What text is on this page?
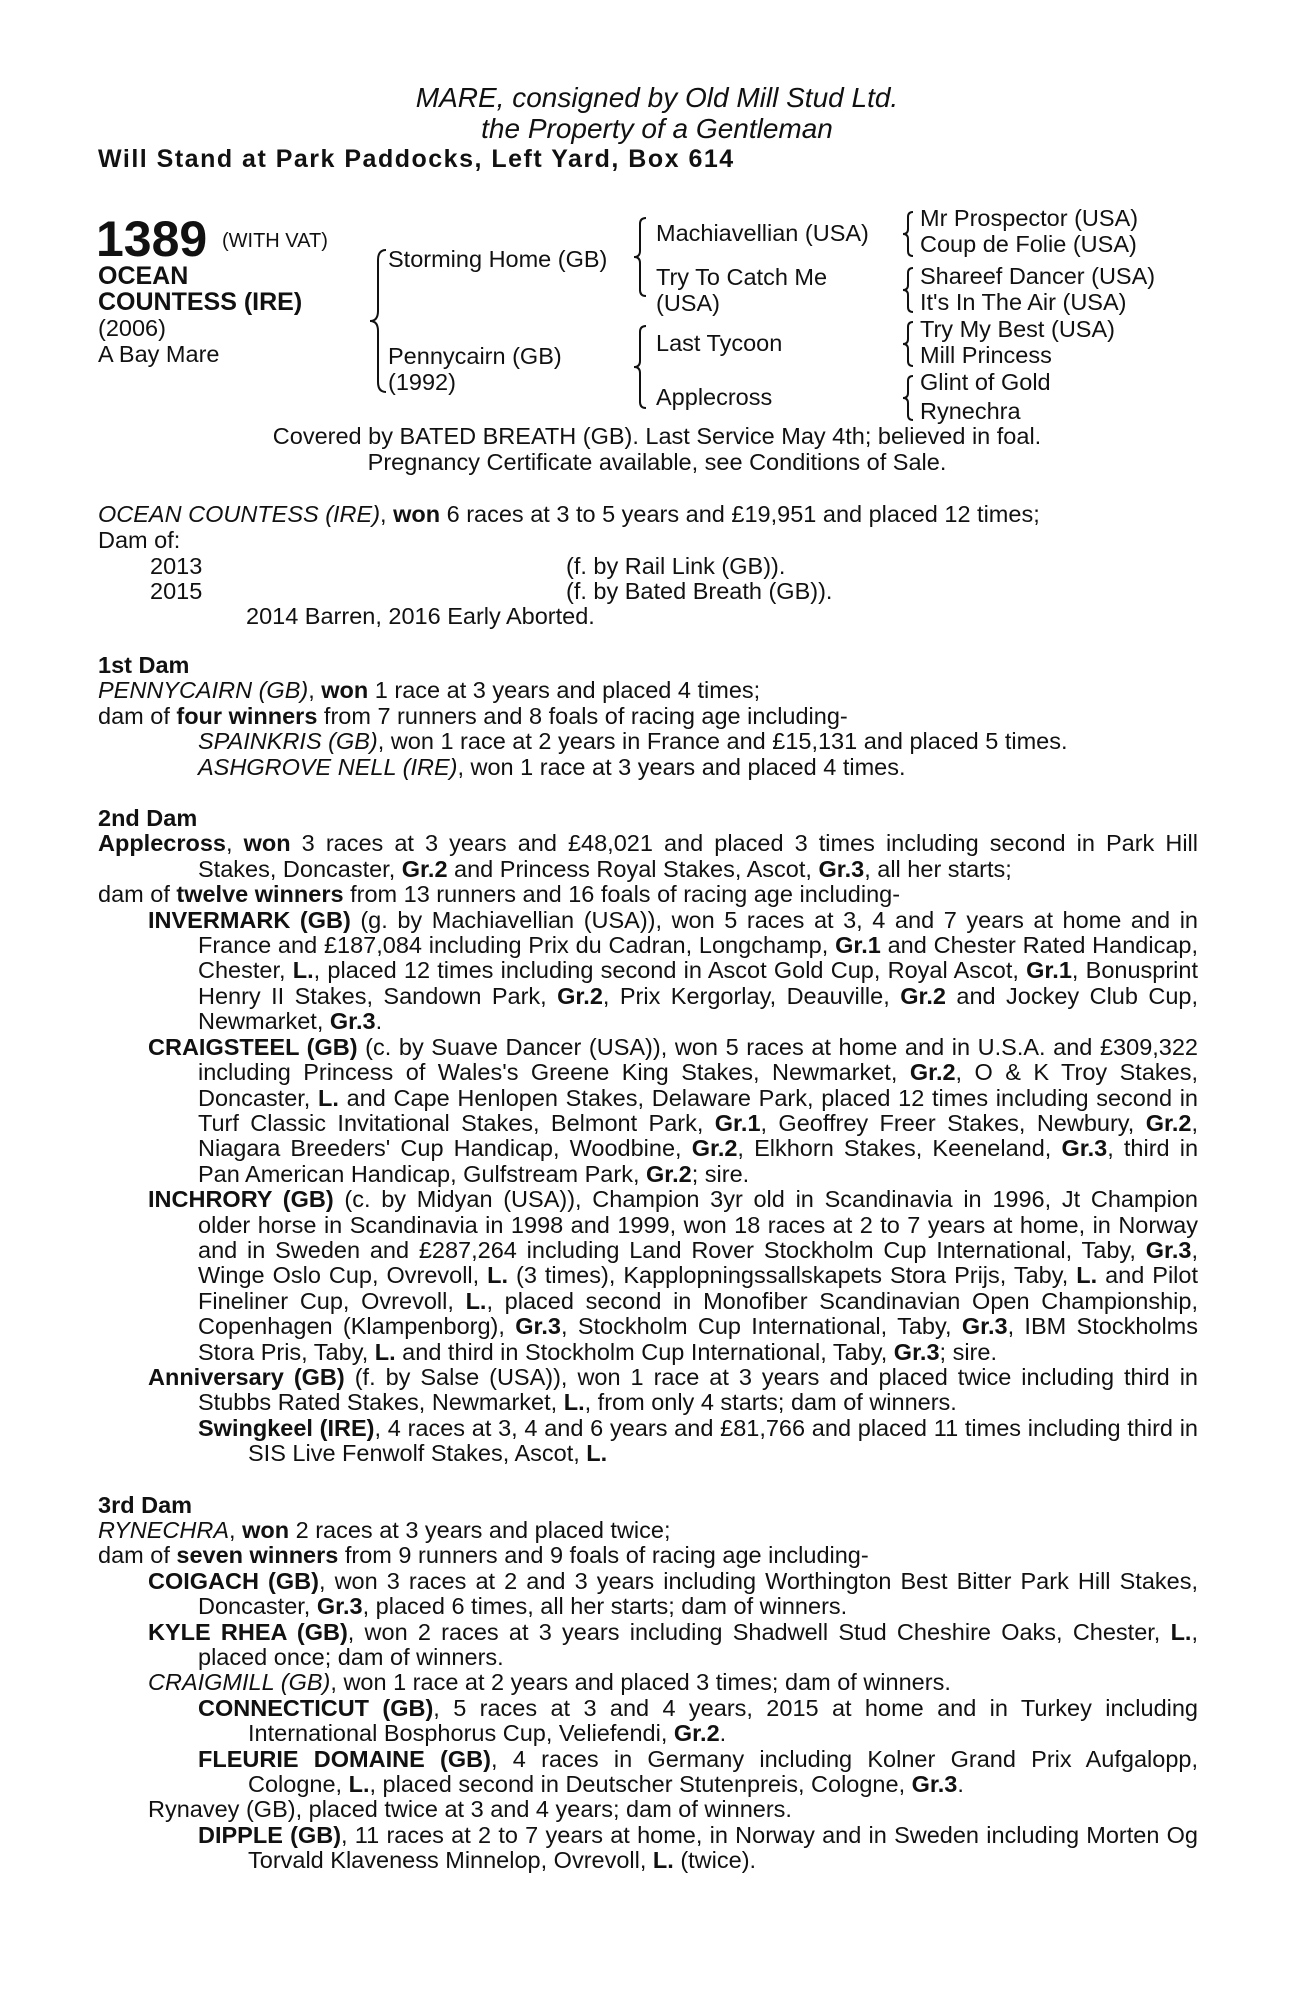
MARE, consigned by Old Mill Stud Ltd.
the Property of a Gentleman
Will Stand at Park Paddocks, Left Yard, Box 614
1389 (WITH VAT)
OCEAN
COUNTESS (IRE)
(2006)
A Bay Mare
Storming Home (GB)
Pennycairn (GB)
(1992)
Machiavellian (USA)
Try To Catch Me
(USA)
Last Tycoon
Applecross
Mr Prospector (USA)
Coup de Folie (USA)
Shareef Dancer (USA)
It's In The Air (USA)
Try My Best (USA)
Mill Princess
Glint of Gold
Rynechra
Covered by BATED BREATH (GB). Last Service May 4th; believed in foal.
Pregnancy Certificate available, see Conditions of Sale.
OCEAN COUNTESS (IRE), won 6 races at 3 to 5 years and £19,951 and placed 12 times;
Dam of:
2013	(f. by Rail Link (GB)).
2015	(f. by Bated Breath (GB)).
2014 Barren, 2016 Early Aborted.

1st Dam

PENNYCAIRN (GB), won 1 race at 3 years and placed 4 times;

dam of four winners from 7 runners and 8 foals of racing age including-

SPAINKRIS (GB), won 1 race at 2 years in France and £15,131 and placed 5 times.

ASHGROVE NELL (IRE), won 1 race at 3 years and placed 4 times.

2nd Dam

Applecross, won 3 races at 3 years and £48,021 and placed 3 times including second in Park Hill Stakes, Doncaster, Gr.2 and Princess Royal Stakes, Ascot, Gr.3, all her starts;

dam of twelve winners from 13 runners and 16 foals of racing age including-

INVERMARK (GB) (g. by Machiavellian (USA)), won 5 races at 3, 4 and 7 years at home and in France and £187,084 including Prix du Cadran, Longchamp, Gr.1 and Chester Rated Handicap, Chester, L., placed 12 times including second in Ascot Gold Cup, Royal Ascot, Gr.1, Bonusprint Henry II Stakes, Sandown Park, Gr.2, Prix Kergorlay, Deauville, Gr.2 and Jockey Club Cup, Newmarket, Gr.3.

CRAIGSTEEL (GB) (c. by Suave Dancer (USA)), won 5 races at home and in U.S.A. and £309,322 including Princess of Wales's Greene King Stakes, Newmarket, Gr.2, O & K Troy Stakes, Doncaster, L. and Cape Henlopen Stakes, Delaware Park, placed 12 times including second in Turf Classic Invitational Stakes, Belmont Park, Gr.1, Geoffrey Freer Stakes, Newbury, Gr.2, Niagara Breeders' Cup Handicap, Woodbine, Gr.2, Elkhorn Stakes, Keeneland, Gr.3, third in Pan American Handicap, Gulfstream Park, Gr.2; sire.

INCHRORY (GB) (c. by Midyan (USA)), Champion 3yr old in Scandinavia in 1996, Jt Champion older horse in Scandinavia in 1998 and 1999, won 18 races at 2 to 7 years at home, in Norway and in Sweden and £287,264 including Land Rover Stockholm Cup International, Taby, Gr.3, Winge Oslo Cup, Ovrevoll, L. (3 times), Kapplopningssallskapets Stora Prijs, Taby, L. and Pilot Fineliner Cup, Ovrevoll, L., placed second in Monofiber Scandinavian Open Championship, Copenhagen (Klampenborg), Gr.3, Stockholm Cup International, Taby, Gr.3, IBM Stockholms Stora Pris, Taby, L. and third in Stockholm Cup International, Taby, Gr.3; sire.

Anniversary (GB) (f. by Salse (USA)), won 1 race at 3 years and placed twice including third in Stubbs Rated Stakes, Newmarket, L., from only 4 starts; dam of winners.

Swingkeel (IRE), 4 races at 3, 4 and 6 years and £81,766 and placed 11 times including third in SIS Live Fenwolf Stakes, Ascot, L.

3rd Dam

RYNECHRA, won 2 races at 3 years and placed twice;

dam of seven winners from 9 runners and 9 foals of racing age including-

COIGACH (GB), won 3 races at 2 and 3 years including Worthington Best Bitter Park Hill Stakes, Doncaster, Gr.3, placed 6 times, all her starts; dam of winners.

KYLE RHEA (GB), won 2 races at 3 years including Shadwell Stud Cheshire Oaks, Chester, L., placed once; dam of winners.

CRAIGMILL (GB), won 1 race at 2 years and placed 3 times; dam of winners.

CONNECTICUT (GB), 5 races at 3 and 4 years, 2015 at home and in Turkey including International Bosphorus Cup, Veliefendi, Gr.2.

FLEURIE DOMAINE (GB), 4 races in Germany including Kolner Grand Prix Aufgalopp, Cologne, L., placed second in Deutscher Stutenpreis, Cologne, Gr.3.

Rynavey (GB), placed twice at 3 and 4 years; dam of winners.

DIPPLE (GB), 11 races at 2 to 7 years at home, in Norway and in Sweden including Morten Og Torvald Klaveness Minnelop, Ovrevoll, L. (twice).
